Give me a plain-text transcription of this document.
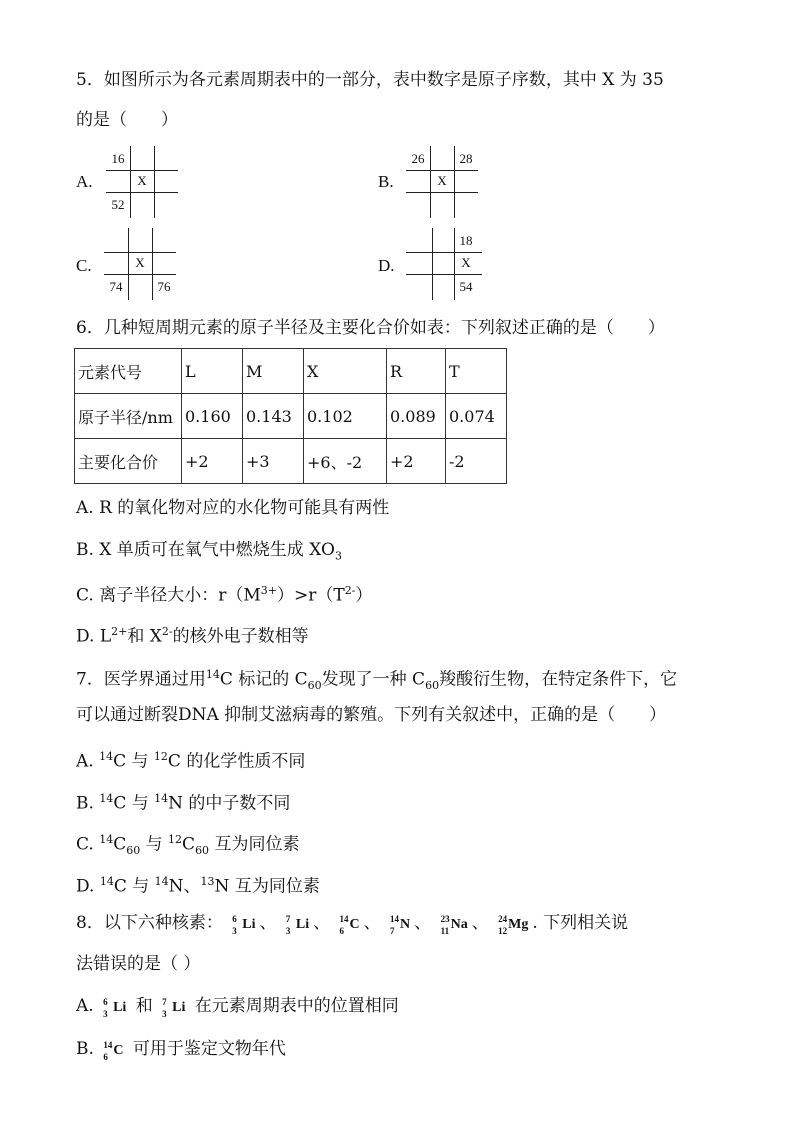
5．如图所示为各元素周期表中的一部分，表中数字是原子序数，其中 X 为 35
的是（　　）
A.
16
X
52
B.
26	28
X
C.	X
74	76
D.
18
X
54
6．几种短周期元素的原子半径及主要化合价如表：下列叙述正确的是（　　）
元素代号	L	M	X	R	T
原子半径/nm	0.160	0.143	0.102	0.089	0.074
主要化合价	+2	+3	+6、-2	+2	-2
A. R 的氧化物对应的水化物可能具有两性
B. X 单质可在氧气中燃烧生成 $XO_3$
C. 离子半径大小：$r(M^{3+})>r(T^{2-})$
D. $L^{2+}$和 $X^{2-}$的核外电子数相等
7．医学界通过用$^{14}$C 标记的 $C_{60}$发现了一种 $C_{60}$羧酸衍生物，在特定条件下，它
可以通过断裂DNA 抑制艾滋病毒的繁殖。下列有关叙述中，正确的是（　　）
A. $^{14}$C 与 $^{12}$C 的化学性质不同
B. $^{14}$C 与 $^{14}$N 的中子数不同
C. $^{14}C_{60}$ 与 $^{12}C_{60}$ 互为同位素
D. $^{14}$C 与 $^{14}$N、$^{13}$N 互为同位素
8．以下六种核素： 6
3 Li 、 7
3 Li 、 14
6 C 、 14
7 N 、 23
11 Na 、 24
12 Mg . 下列相关说
法错误的是（ ）
A. 6
3 Li 和 7
3 Li 在元素周期表中的位置相同
B. 14
6 C 可用于鉴定文物年代
